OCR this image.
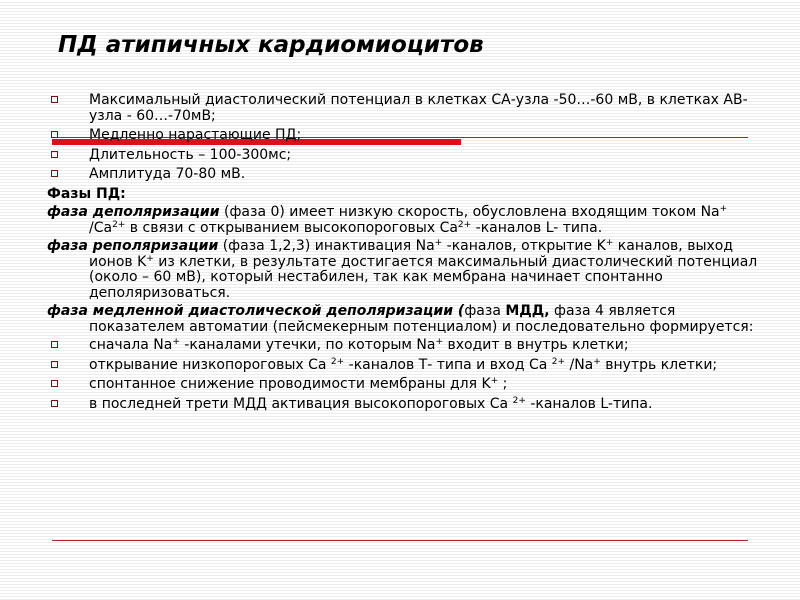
ПД атипичных кардиомиоцитов
Максимальный диастолический потенциал в клетках СА-узла -50…-60 мВ, в клетках АВ-узла - 60…-70мВ;
Медленно нарастающие ПД;
Длительность – 100-300мс;
Амплитуда 70-80 мВ.

Фазы ПД:

фаза деполяризации (фаза 0) имеет низкую скорость, обусловлена входящим током Na+ $/Ca^{2+}$ в связи с открыванием высокопороговых $Ca^{2+}$ -каналов L- типа.

фаза реполяризации (фаза 1,2,3) инактивация Na+ -каналов, открытие K+ каналов, выход ионов K+ из клетки, в результате достигается максимальный диастолический потенциал (около – 60 мВ), который нестабилен, так как мембрана начинает спонтанно деполяризоваться.

фаза медленной диастолической деполяризации (фаза МДД, фаза 4 является показателем автоматии (пейсмекерным потенциалом) и последовательно формируется:

сначала Na+ -каналами утечки, по которым Na+ входит в внутрь клетки;
открывание низкопороговых Ca $^{2+}$ -каналов Т- типа и вход Ca $^{2+}$ /Na+ внутрь клетки;
спонтанное снижение проводимости мембраны для K+ ;
в последней трети МДД активация высокопороговых Ca $^{2+}$ -каналов L-типа.
